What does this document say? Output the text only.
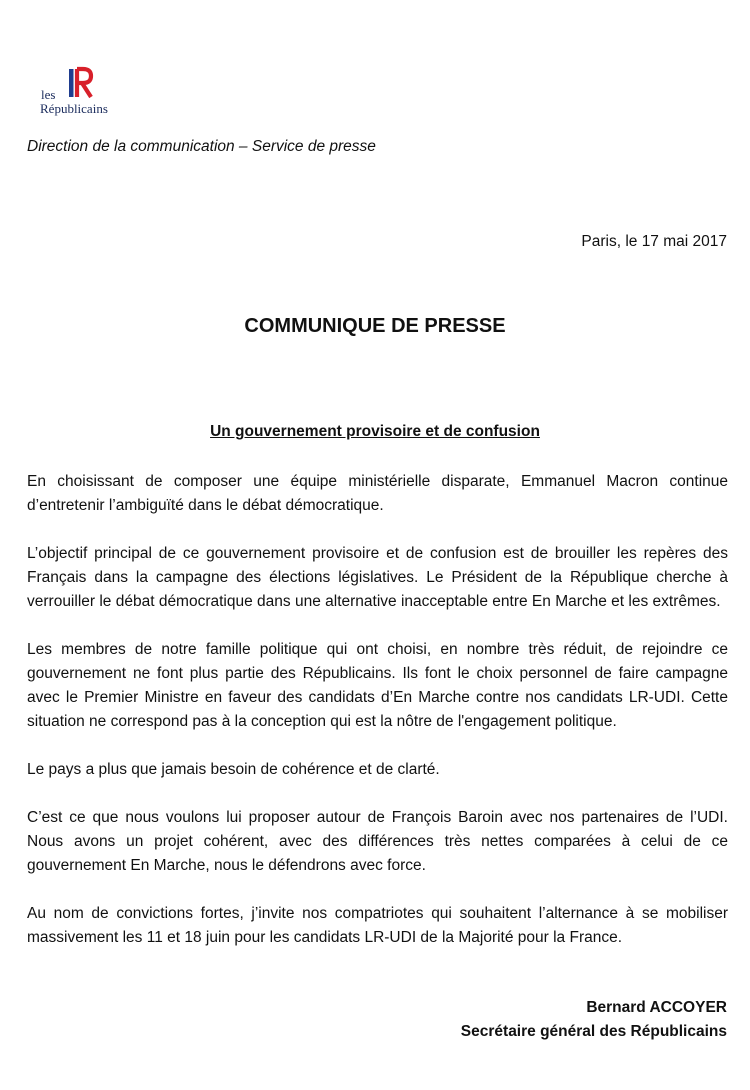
les
Républicains
Direction de la communication – Service de presse
Paris, le 17 mai 2017
COMMUNIQUE DE PRESSE
Un gouvernement provisoire et de confusion

En choisissant de composer une équipe ministérielle disparate, Emmanuel Macron continue d’entretenir l’ambiguïté dans le débat démocratique.

L’objectif principal de ce gouvernement provisoire et de confusion est de brouiller les repères des Français dans la campagne des élections législatives. Le Président de la République cherche à verrouiller le débat démocratique dans une alternative inacceptable entre En Marche et les extrêmes.

Les membres de notre famille politique qui ont choisi, en nombre très réduit, de rejoindre ce gouvernement ne font plus partie des Républicains. Ils font le choix personnel de faire campagne avec le Premier Ministre en faveur des candidats d’En Marche contre nos candidats LR-UDI. Cette situation ne correspond pas à la conception qui est la nôtre de l'engagement politique.

Le pays a plus que jamais besoin de cohérence et de clarté.

C’est ce que nous voulons lui proposer autour de François Baroin avec nos partenaires de l’UDI. Nous avons un projet cohérent, avec des différences très nettes comparées à celui de ce gouvernement En Marche, nous le défendrons avec force.

Au nom de convictions fortes, j’invite nos compatriotes qui souhaitent l’alternance à se mobiliser massivement les 11 et 18 juin pour les candidats LR-UDI de la Majorité pour la France.

Bernard ACCOYER
Secrétaire général des Républicains
